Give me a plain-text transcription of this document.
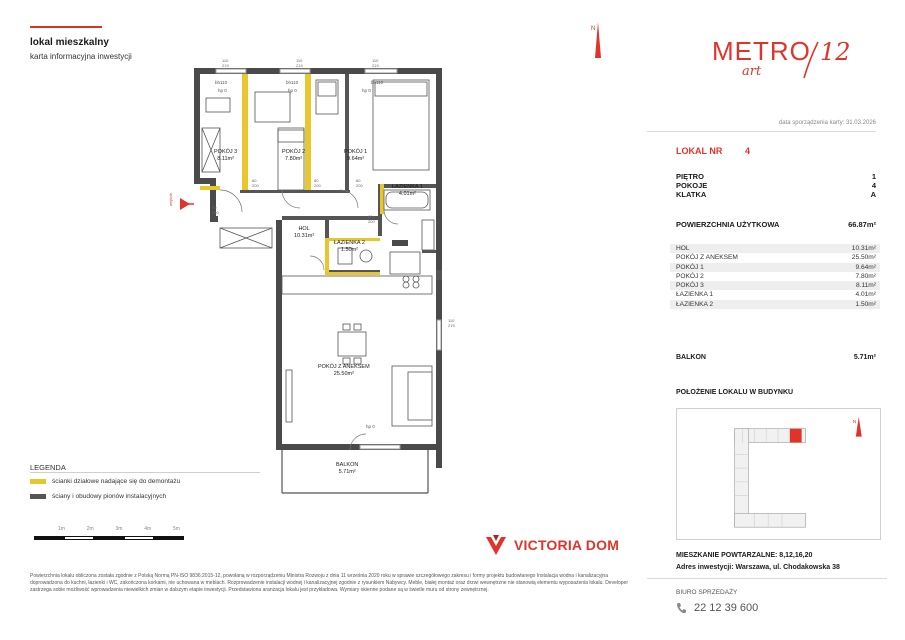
lokal mieszkalny
karta informacyjna inwestycji
POKÓJ 3
8.11m²
POKÓJ 2
7.80m²
POKÓJ 1
9.64m²
ŁAZIENKA 1
4.01m²
HOL
10.31m²
ŁAZIENKA 2
1.50m²
POKÓJ Z ANEKSEM
25.50m²
BALKON
5.71m²
wejście
hp 0	hp 0	hp 0
hp 0
bh110	bh110	bh110
110
219
110
219
110
219
110
219
80
200
80
200
80
200
90
200
60
200
N
LEGENDA
ścianki działowe nadające się do demontażu
ściany i obudowy pionów instalacyjnych
1m	2m	3m	4m	5m
VICTORIA DOM
Powierzchnia lokalu obliczona została zgodnie z Polską Normą PN-ISO 9836:2015-12, powołaną w rozporządzeniu Ministra Rozwoju z dnia 11 września 2020 roku w sprawie szczegółowego zakresu i formy projektu budowlanego Instalacja wodna i kanalizacyjna doprowadzona do kuchni, łazienki i WC, zakończona korkami, nie uchowana w meblach. Rozprowadzenie instalacji wodnej i kanalizacyjnej zgodnie z rysunkiem Nabywcy. Meble, białej montaż oraz drzwi wewnętrzne nie stanowią elementu wyposażenia lokalu. Developer zastrzega sobie możliwość wprowadzenia niewielkich zmian w dalszym etapie inwestycji. Przedstawiona aranżacja lokalu jest przykładowa. Wymiary okienne podane są w świetle muru od strony zewnętrznej.
METRO
art
12
data sporządzenia karty: 31.03.2026
LOKAL NR	4
PIĘTRO	1
POKOJE	4
KLATKA	A
POWIERZCHNIA UŻYTKOWA	66.87m²
HOL	10.31m²
POKÓJ Z ANEKSEM	25.50m²
POKÓJ 1	9.64m²
POKÓJ 2	7.80m²
POKÓJ 3	8.11m²
ŁAZIENKA 1	4.01m²
ŁAZIENKA 2	1.50m²
BALKON	5.71m²
POŁOŻENIE LOKALU W BUDYNKU
N
MIESZKANIE POWTARZALNE: 8,12,16,20
Adres inwestycji: Warszawa, ul. Chodakowska 38
BIURO SPRZEDAŻY
22 12 39 600
